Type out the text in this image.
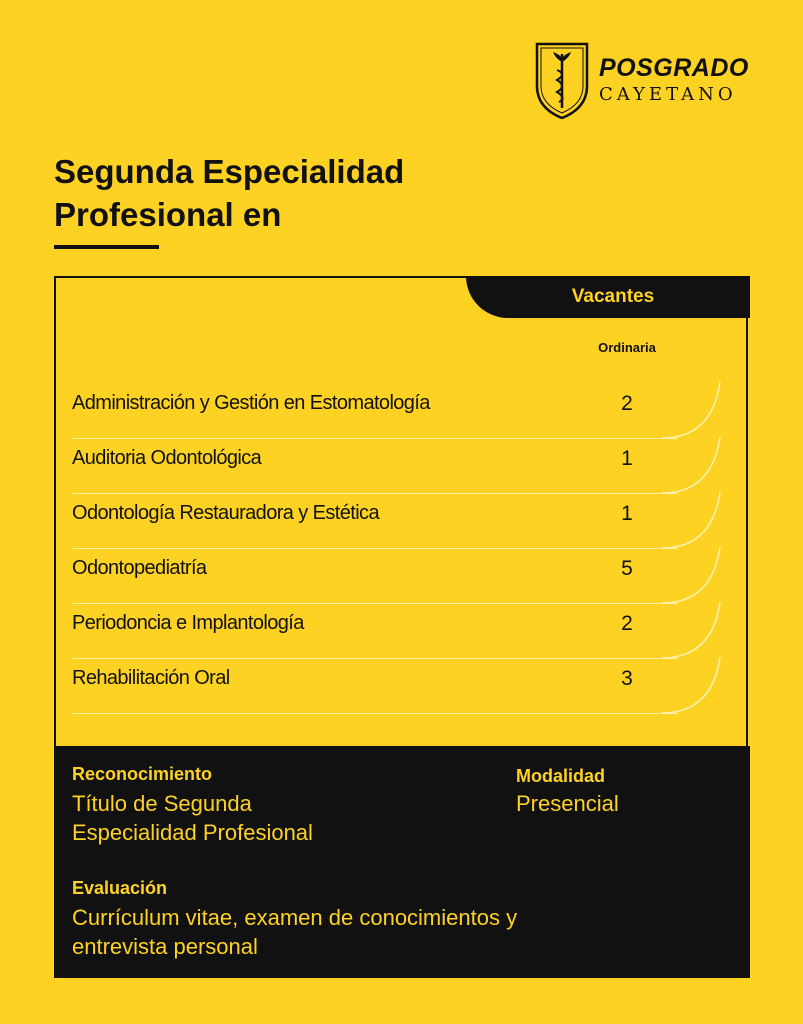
POSGRADO
CAYETANO
Segunda Especialidad Profesional en
Vacantes
Ordinaria
Administración y Gestión en Estomatología	2
Auditoria Odontológica	1
Odontología Restauradora y Estética	1
Odontopediatría	5
Periodoncia e Implantología	2
Rehabilitación Oral	3
Reconocimiento
Título de Segunda
Especialidad Profesional
Modalidad
Presencial
Evaluación
Currículum vitae, examen de conocimientos y
entrevista personal
